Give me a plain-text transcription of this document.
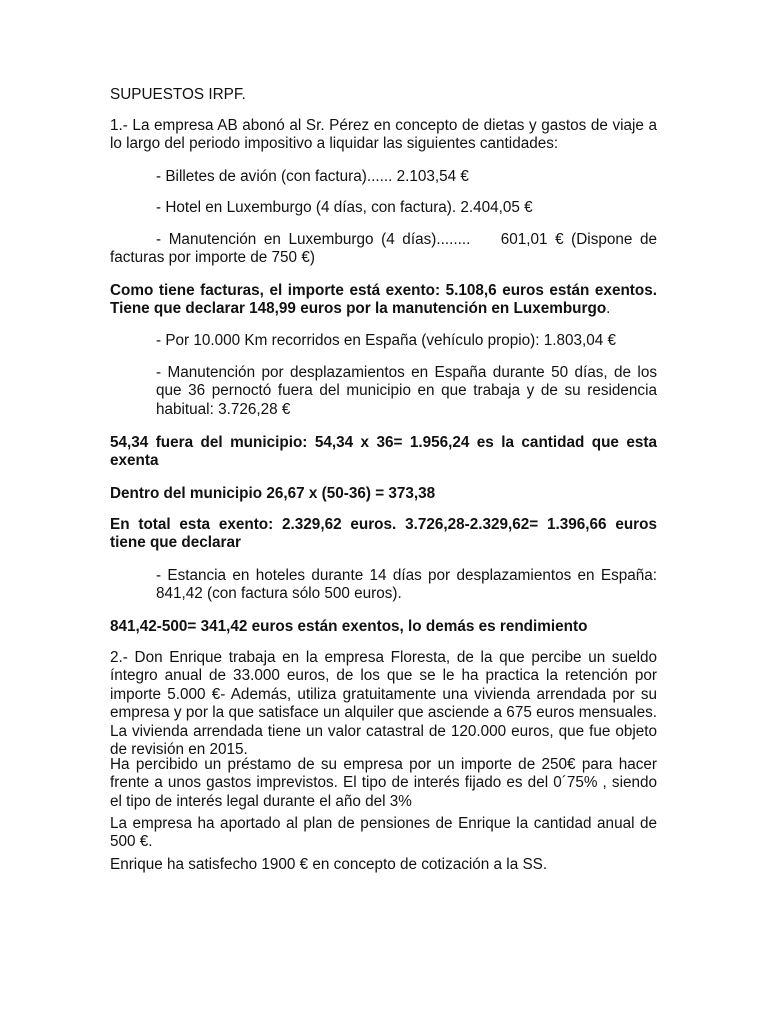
SUPUESTOS IRPF.

1.- La empresa AB abonó al Sr. Pérez en concepto de dietas y gastos de viaje a lo largo del periodo impositivo a liquidar las siguientes cantidades:

- Billetes de avión (con factura)...... 2.103,54 €

- Hotel en Luxemburgo (4 días, con factura). 2.404,05 €

- Manutención en Luxemburgo (4 días)........    601,01 € (Dispone de
facturas por importe de 750 €)

Como tiene facturas, el importe está exento: 5.108,6 euros están exentos. Tiene que declarar 148,99 euros por la manutención en Luxemburgo.

- Por 10.000 Km recorridos en España (vehículo propio): 1.803,04 €

- Manutención por desplazamientos en España durante 50 días, de los que 36 pernoctó fuera del municipio en que trabaja y de su residencia habitual: 3.726,28 €

54,34 fuera del municipio: 54,34 x 36= 1.956,24 es la cantidad que esta exenta

Dentro del municipio 26,67 x (50-36) = 373,38

En total esta exento: 2.329,62 euros. 3.726,28-2.329,62= 1.396,66 euros tiene que declarar

- Estancia en hoteles durante 14 días por desplazamientos en España: 841,42 (con factura sólo 500 euros).

841,42-500= 341,42 euros están exentos, lo demás es rendimiento

2.- Don Enrique trabaja en la empresa Floresta, de la que percibe un sueldo íntegro anual de 33.000 euros, de los que se le ha practica la retención por importe 5.000 €- Además, utiliza gratuitamente una vivienda arrendada por su empresa y por la que satisface un alquiler que asciende a 675 euros mensuales. La vivienda arrendada tiene un valor catastral de 120.000 euros, que fue objeto de revisión en 2015.

Ha percibido un préstamo de su empresa por un importe de 250€ para hacer frente a unos gastos imprevistos. El tipo de interés fijado es del 0´75% , siendo el tipo de interés legal durante el año del 3%

La empresa ha aportado al plan de pensiones de Enrique la cantidad anual de 500 €.

Enrique ha satisfecho 1900 € en concepto de cotización a la SS.
